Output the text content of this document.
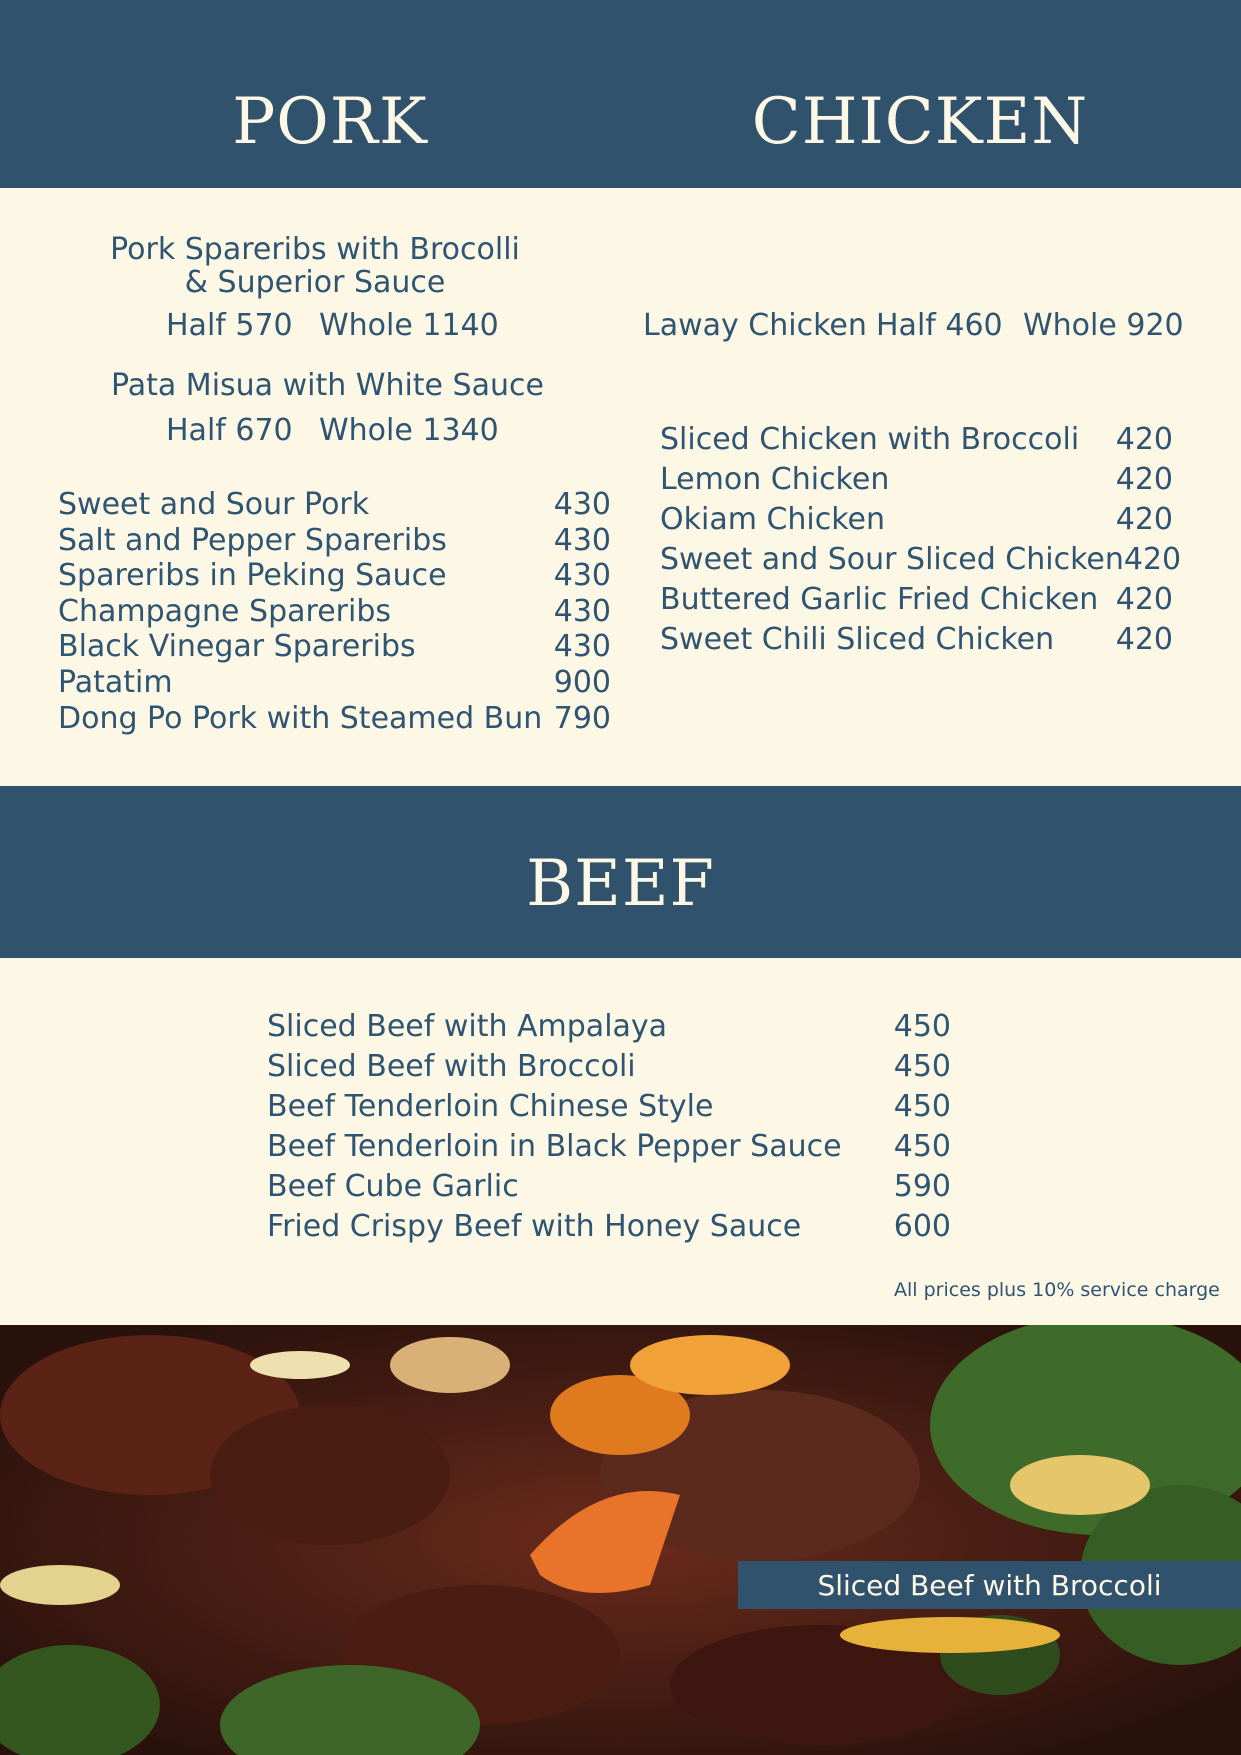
PORK	CHICKEN
Pork Spareribs with Brocolli
& Superior Sauce
Half 570 Whole 1140
Pata Misua with White Sauce
Half 670 Whole 1340
Sweet and Sour Pork	430
Salt and Pepper Spareribs	430
Spareribs in Peking Sauce	430
Champagne Spareribs	430
Black Vinegar Spareribs	430
Patatim	900
Dong Po Pork with Steamed Bun 790
Laway Chicken Half 460 Whole 920
Sliced Chicken with Broccoli 420
Lemon Chicken	420
Okiam Chicken	420
Sweet and Sour Sliced Chicken 420
Buttered Garlic Fried Chicken 420
Sweet Chili Sliced Chicken 420
BEEF
Sliced Beef with Ampalaya	450
Sliced Beef with Broccoli	450
Beef Tenderloin Chinese Style	450
Beef Tenderloin in Black Pepper Sauce 450
Beef Cube Garlic	590
Fried Crispy Beef with Honey Sauce	600
All prices plus 10% service charge
Sliced Beef with Broccoli
